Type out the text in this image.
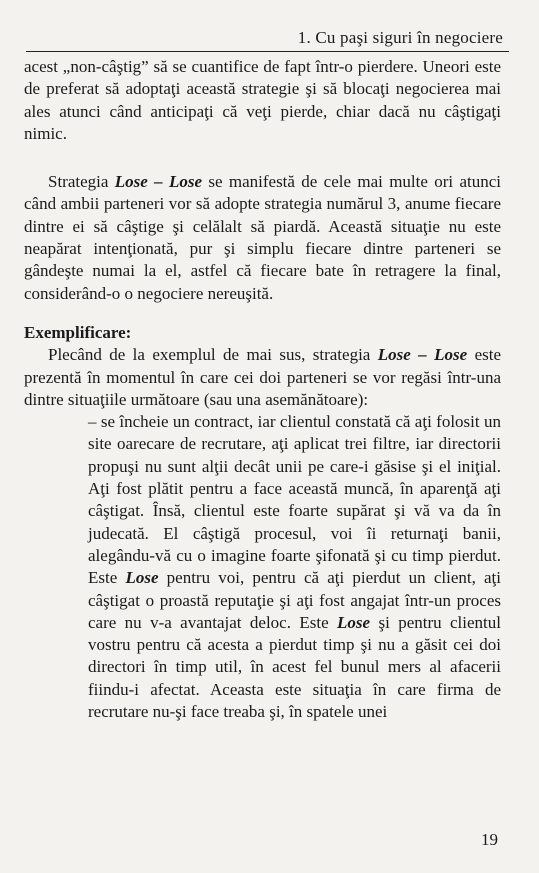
1. Cu paşi siguri în negociere

acest „non-câştig” să se cuantifice de fapt într-o pierdere. Uneori este de preferat să adoptaţi această strategie şi să blocaţi negocierea mai ales atunci când anticipaţi că veţi pierde, chiar dacă nu câştigaţi nimic.

Strategia Lose – Lose se manifestă de cele mai multe ori atunci când ambii parteneri vor să adopte strategia numărul 3, anume fiecare dintre ei să câştige şi celălalt să piardă. Această situaţie nu este neapărat intenţionată, pur şi simplu fiecare dintre parteneri se gândeşte numai la el, astfel că fiecare bate în retragere la final, considerând-o o negociere nereuşită.

Exemplificare:

Plecând de la exemplul de mai sus, strategia Lose – Lose este prezentă în momentul în care cei doi parteneri se vor regăsi într-una dintre situaţiile următoare (sau una asemănătoare):

– se încheie un contract, iar clientul constată că aţi folosit un site oarecare de recrutare, aţi aplicat trei filtre, iar directorii propuşi nu sunt alţii decât unii pe care-i găsise şi el iniţial. Aţi fost plătit pentru a face această muncă, în aparenţă aţi câştigat. Însă, clientul este foarte supărat şi vă va da în judecată. El câştigă procesul, voi îi returnaţi banii, alegându-vă cu o imagine foarte şifonată şi cu timp pierdut. Este Lose pentru voi, pentru că aţi pierdut un client, aţi câştigat o proastă reputaţie şi aţi fost angajat într-un proces care nu v-a avantajat deloc. Este Lose şi pentru clientul vostru pentru că acesta a pierdut timp şi nu a găsit cei doi directori în timp util, în acest fel bunul mers al afacerii fiindu-i afectat. Aceasta este situaţia în care firma de recrutare nu-şi face treaba şi, în spatele unei

19
